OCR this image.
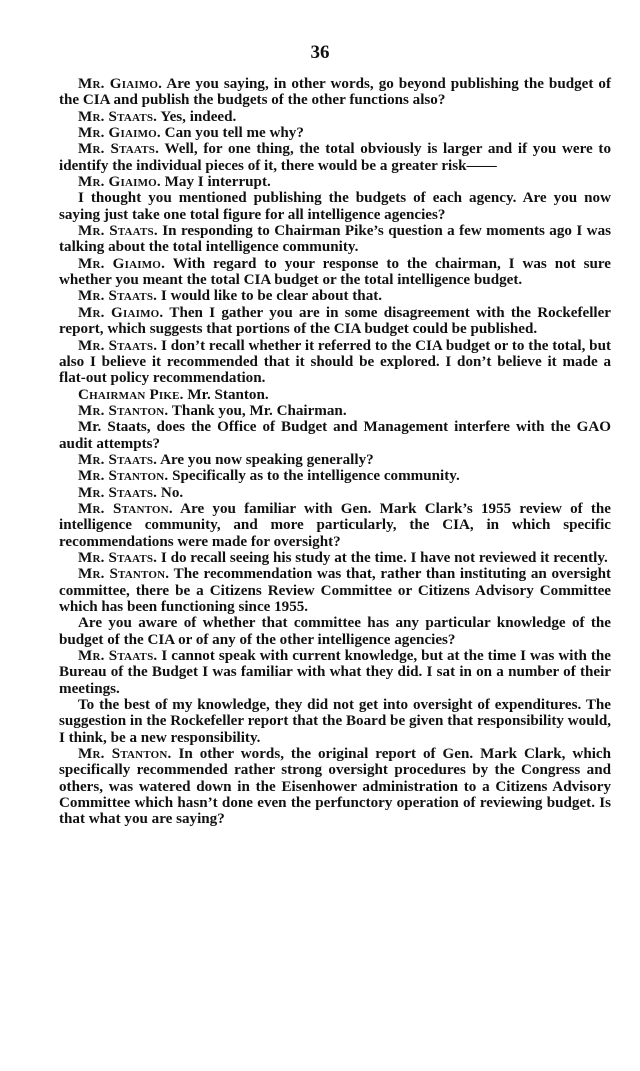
36

Mr. Giaimo. Are you saying, in other words, go beyond publishing the budget of the CIA and publish the budgets of the other functions also?

Mr. Staats. Yes, indeed.

Mr. Giaimo. Can you tell me why?

Mr. Staats. Well, for one thing, the total obviously is larger and if you were to identify the individual pieces of it, there would be a greater risk——

Mr. Giaimo. May I interrupt.

I thought you mentioned publishing the budgets of each agency. Are you now saying just take one total figure for all intelligence agencies?

Mr. Staats. In responding to Chairman Pike’s question a few moments ago I was talking about the total intelligence community.

Mr. Giaimo. With regard to your response to the chairman, I was not sure whether you meant the total CIA budget or the total intelligence budget.

Mr. Staats. I would like to be clear about that.

Mr. Giaimo. Then I gather you are in some disagreement with the Rockefeller report, which suggests that portions of the CIA budget could be published.

Mr. Staats. I don’t recall whether it referred to the CIA budget or to the total, but also I believe it recommended that it should be explored. I don’t believe it made a flat-out policy recommendation.

Chairman Pike. Mr. Stanton.

Mr. Stanton. Thank you, Mr. Chairman.

Mr. Staats, does the Office of Budget and Management interfere with the GAO audit attempts?

Mr. Staats. Are you now speaking generally?

Mr. Stanton. Specifically as to the intelligence community.

Mr. Staats. No.

Mr. Stanton. Are you familiar with Gen. Mark Clark’s 1955 review of the intelligence community, and more particularly, the CIA, in which specific recommendations were made for oversight?

Mr. Staats. I do recall seeing his study at the time. I have not reviewed it recently.

Mr. Stanton. The recommendation was that, rather than instituting an oversight committee, there be a Citizens Review Committee or Citizens Advisory Committee which has been functioning since 1955.

Are you aware of whether that committee has any particular knowledge of the budget of the CIA or of any of the other intelligence agencies?

Mr. Staats. I cannot speak with current knowledge, but at the time I was with the Bureau of the Budget I was familiar with what they did. I sat in on a number of their meetings.

To the best of my knowledge, they did not get into oversight of expenditures. The suggestion in the Rockefeller report that the Board be given that responsibility would, I think, be a new responsibility.

Mr. Stanton. In other words, the original report of Gen. Mark Clark, which specifically recommended rather strong oversight procedures by the Congress and others, was watered down in the Eisenhower administration to a Citizens Advisory Committee which hasn’t done even the perfunctory operation of reviewing budget. Is that what you are saying?
